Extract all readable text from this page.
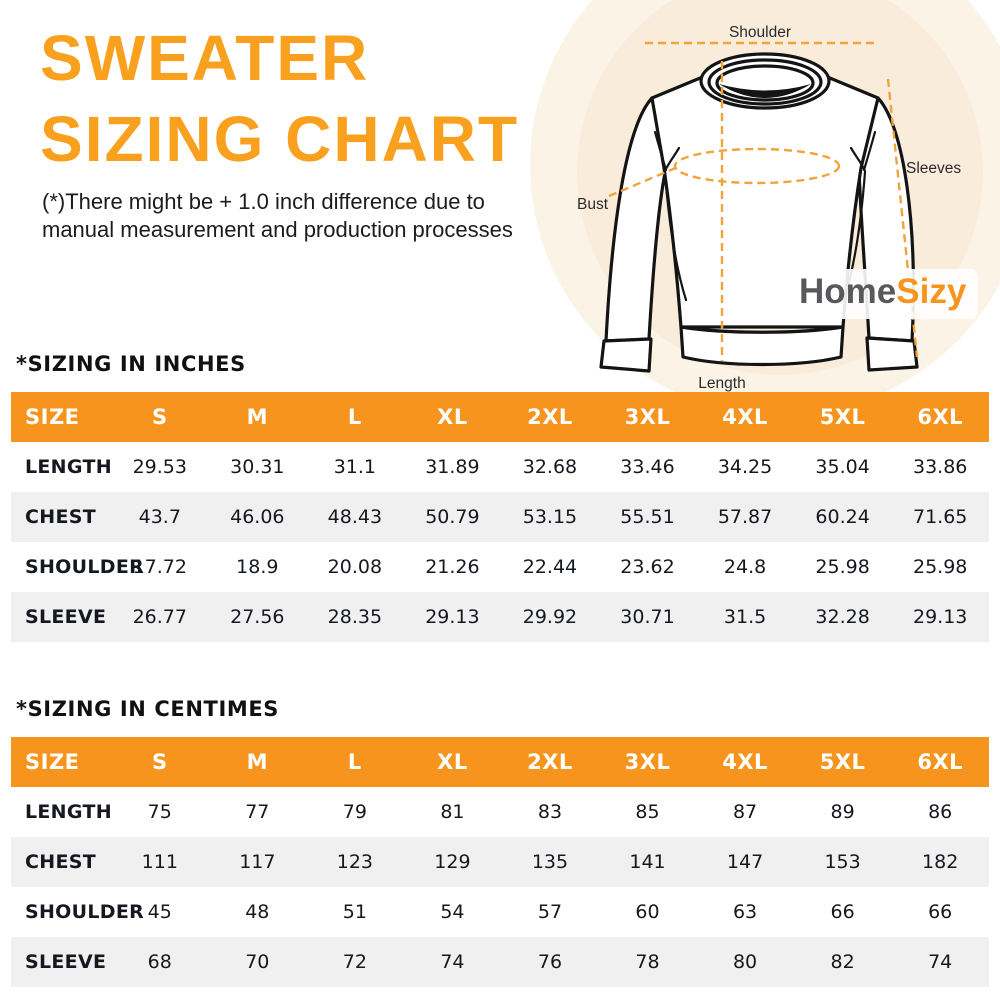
SWEATER
SIZING CHART
(*)There might be + 1.0 inch difference due to
manual measurement and production processes
Shoulder
Sleeves
Bust
Length
HomeSizy
*SIZING IN INCHES
SIZE	S	M	L	XL	2XL	3XL	4XL	5XL	6XL
LENGTH	29.53	30.31	31.1	31.89	32.68	33.46	34.25	35.04	33.86
CHEST	43.7	46.06	48.43	50.79	53.15	55.51	57.87	60.24	71.65
SHOULDER	17.72	18.9	20.08	21.26	22.44	23.62	24.8	25.98	25.98
SLEEVE	26.77	27.56	28.35	29.13	29.92	30.71	31.5	32.28	29.13
*SIZING IN CENTIMES
SIZE	S	M	L	XL	2XL	3XL	4XL	5XL	6XL
LENGTH	75	77	79	81	83	85	87	89	86
CHEST	111	117	123	129	135	141	147	153	182
SHOULDER	45	48	51	54	57	60	63	66	66
SLEEVE	68	70	72	74	76	78	80	82	74
